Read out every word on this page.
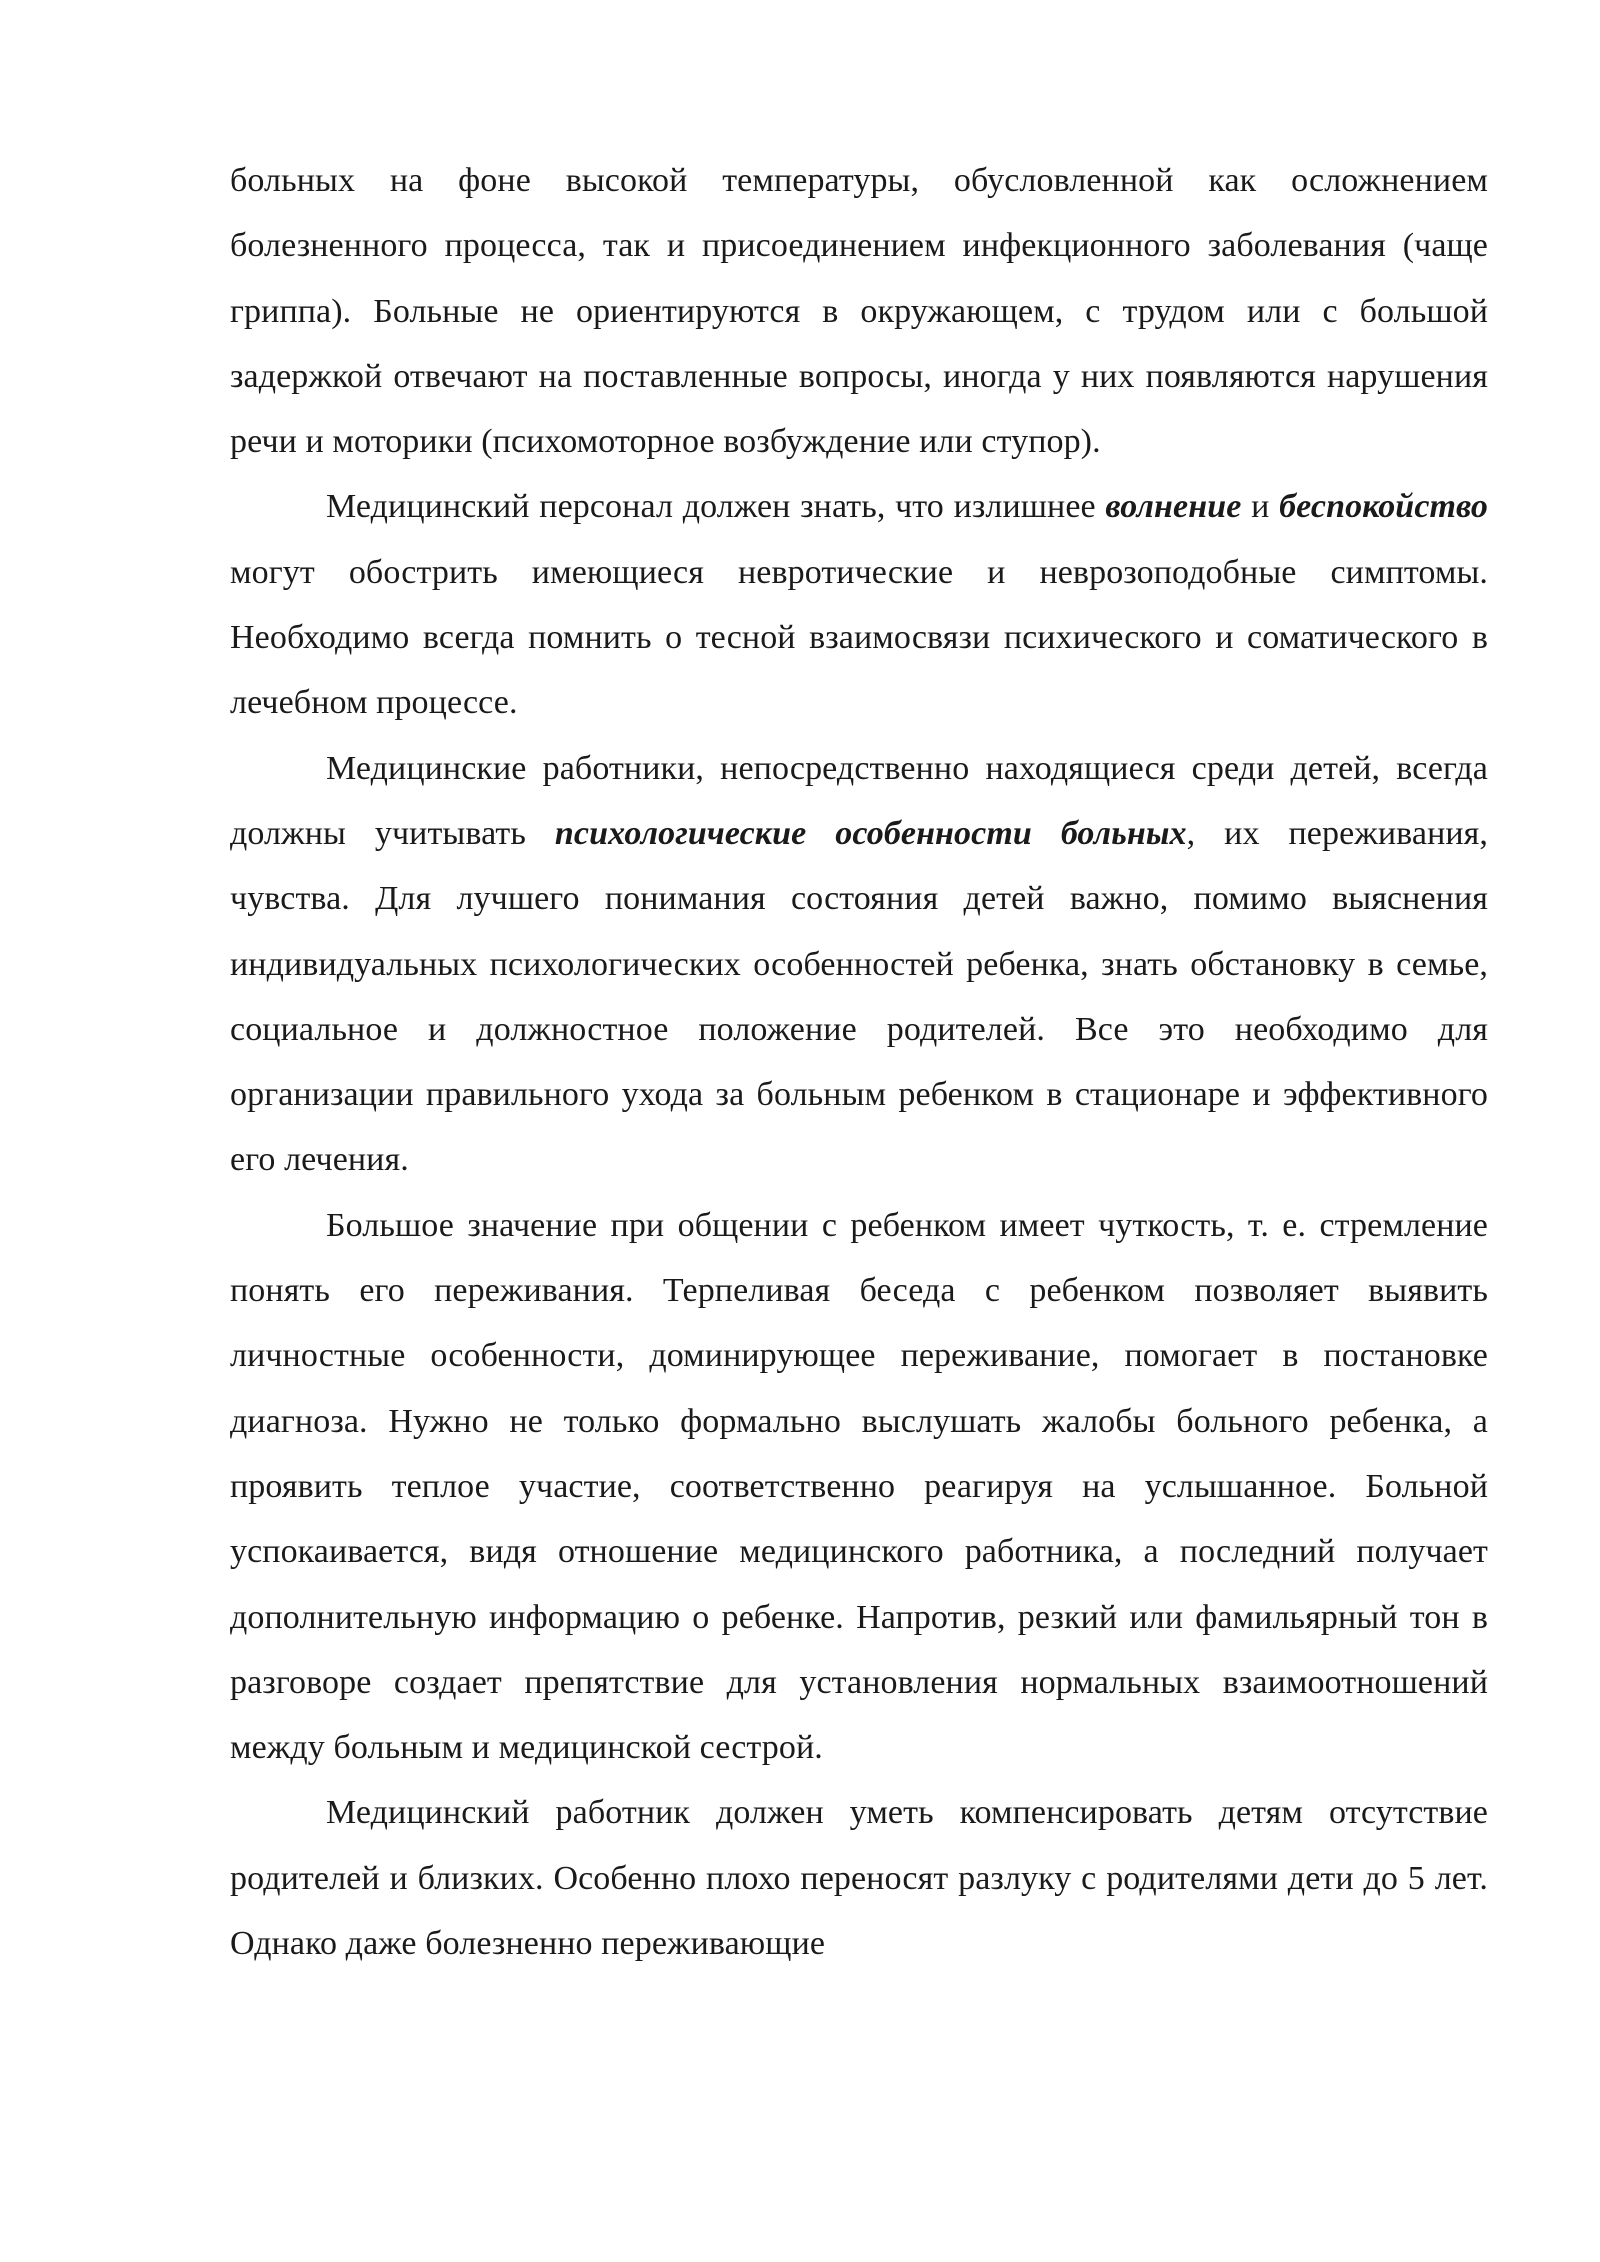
больных на фоне высокой температуры, обусловленной как осложнением болезненного процесса, так и присоединением инфекционного заболевания (чаще гриппа). Больные не ориентируются в окружающем, с трудом или с большой задержкой отвечают на поставленные вопросы, иногда у них появляются нарушения речи и моторики (психомоторное возбуждение или ступор).

Медицинский персонал должен знать, что излишнее волнение и беспокойство могут обострить имеющиеся невротические и неврозоподобные симптомы. Необходимо всегда помнить о тесной взаимосвязи психического и соматического в лечебном процессе.

Медицинские работники, непосредственно находящиеся среди детей, всегда должны учитывать психологические особенности больных, их переживания, чувства. Для лучшего понимания состояния детей важно, помимо выяснения индивидуальных психологических особенностей ребенка, знать обстановку в семье, социальное и должностное положение родителей. Все это необходимо для организации правильного ухода за больным ребенком в стационаре и эффективного его лечения.

Большое значение при общении с ребенком имеет чуткость, т. е. стремление понять его переживания. Терпеливая беседа с ребенком позволяет выявить личностные особенности, доминирующее переживание, помогает в постановке диагноза. Нужно не только формально выслушать жалобы больного ребенка, а проявить теплое участие, соответственно реагируя на услышанное. Больной успокаивается, видя отношение медицинского работника, а последний получает дополнительную информацию о ребенке. Напротив, резкий или фамильярный тон в разговоре создает препятствие для установления нормальных взаимоотношений между больным и медицинской сестрой.

Медицинский работник должен уметь компенсировать детям отсутствие родителей и близких. Особенно плохо переносят разлуку с родителями дети до 5 лет. Однако даже болезненно переживающие
